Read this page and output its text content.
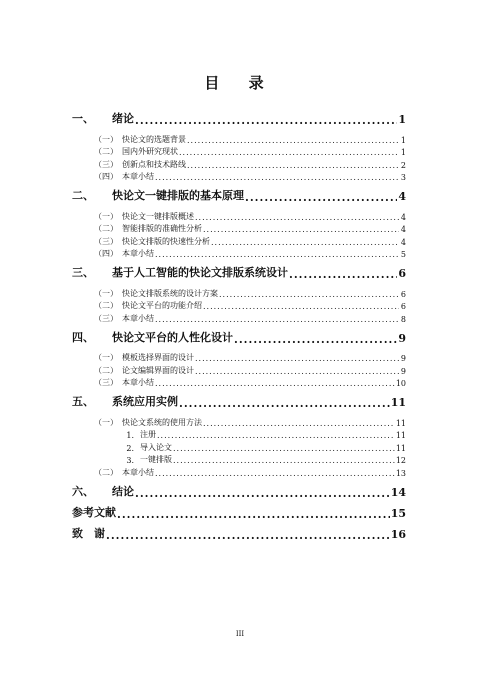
目 录
一、	绪论 .....	1
（一） 快论文的选题背景 .....	1
（二） 国内外研究现状 .....	1
（三） 创新点和技术路线 .....	2
（四） 本章小结 .....	3
二、	快论文一键排版的基本原理 .....	4
（一） 快论文一键排版概述 .....	4
（二） 智能排版的准确性分析 .....	4
（三） 快论文排版的快速性分析 .....	4
（四） 本章小结 .....	5
三、	基于人工智能的快论文排版系统设计 .....	6
（一） 快论文排版系统的设计方案 .....	6
（二） 快论文平台的功能介绍 .....	6
（三） 本章小结 .....	8
四、	快论文平台的人性化设计 .....	9
（一） 模板选择界面的设计 .....	9
（二） 论文编辑界面的设计 .....	9
（三） 本章小结 .....	10
五、	系统应用实例 .....	11
（一） 快论文系统的使用方法 .....	11
1. 注册 .....	11
2. 导入论文 .....	11
3. 一键排版 .....	12
（二） 本章小结 .....	13
六、	结论 .....	14
参考文献 .....	15
致　谢 .....	16
III
